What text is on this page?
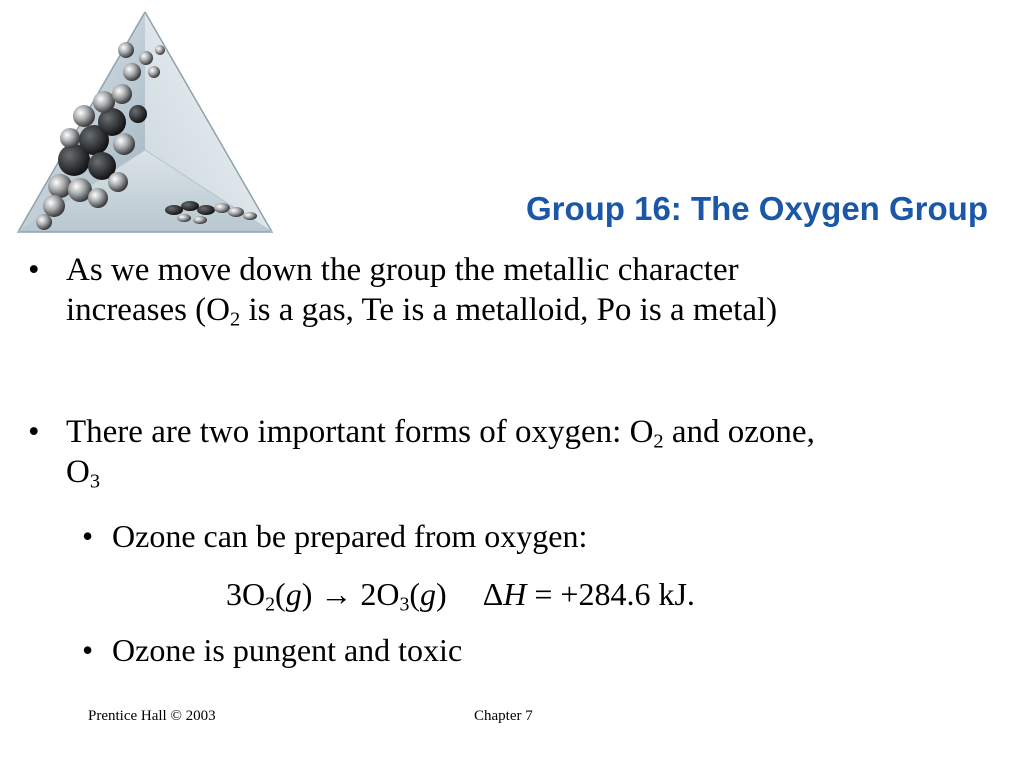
Group 16: The Oxygen Group
• As we move down the group the metallic character
increases ($O_2$ is a gas, Te is a metalloid, Po is a metal)
• There are two important forms of oxygen: $O_2$ and ozone,
$O_3$
• Ozone can be prepared from oxygen:
$3O_2(g) \to 2O_3(g) \Delta H = +284.6$ kJ.
• Ozone is pungent and toxic
Prentice Hall © 2003	Chapter 7
